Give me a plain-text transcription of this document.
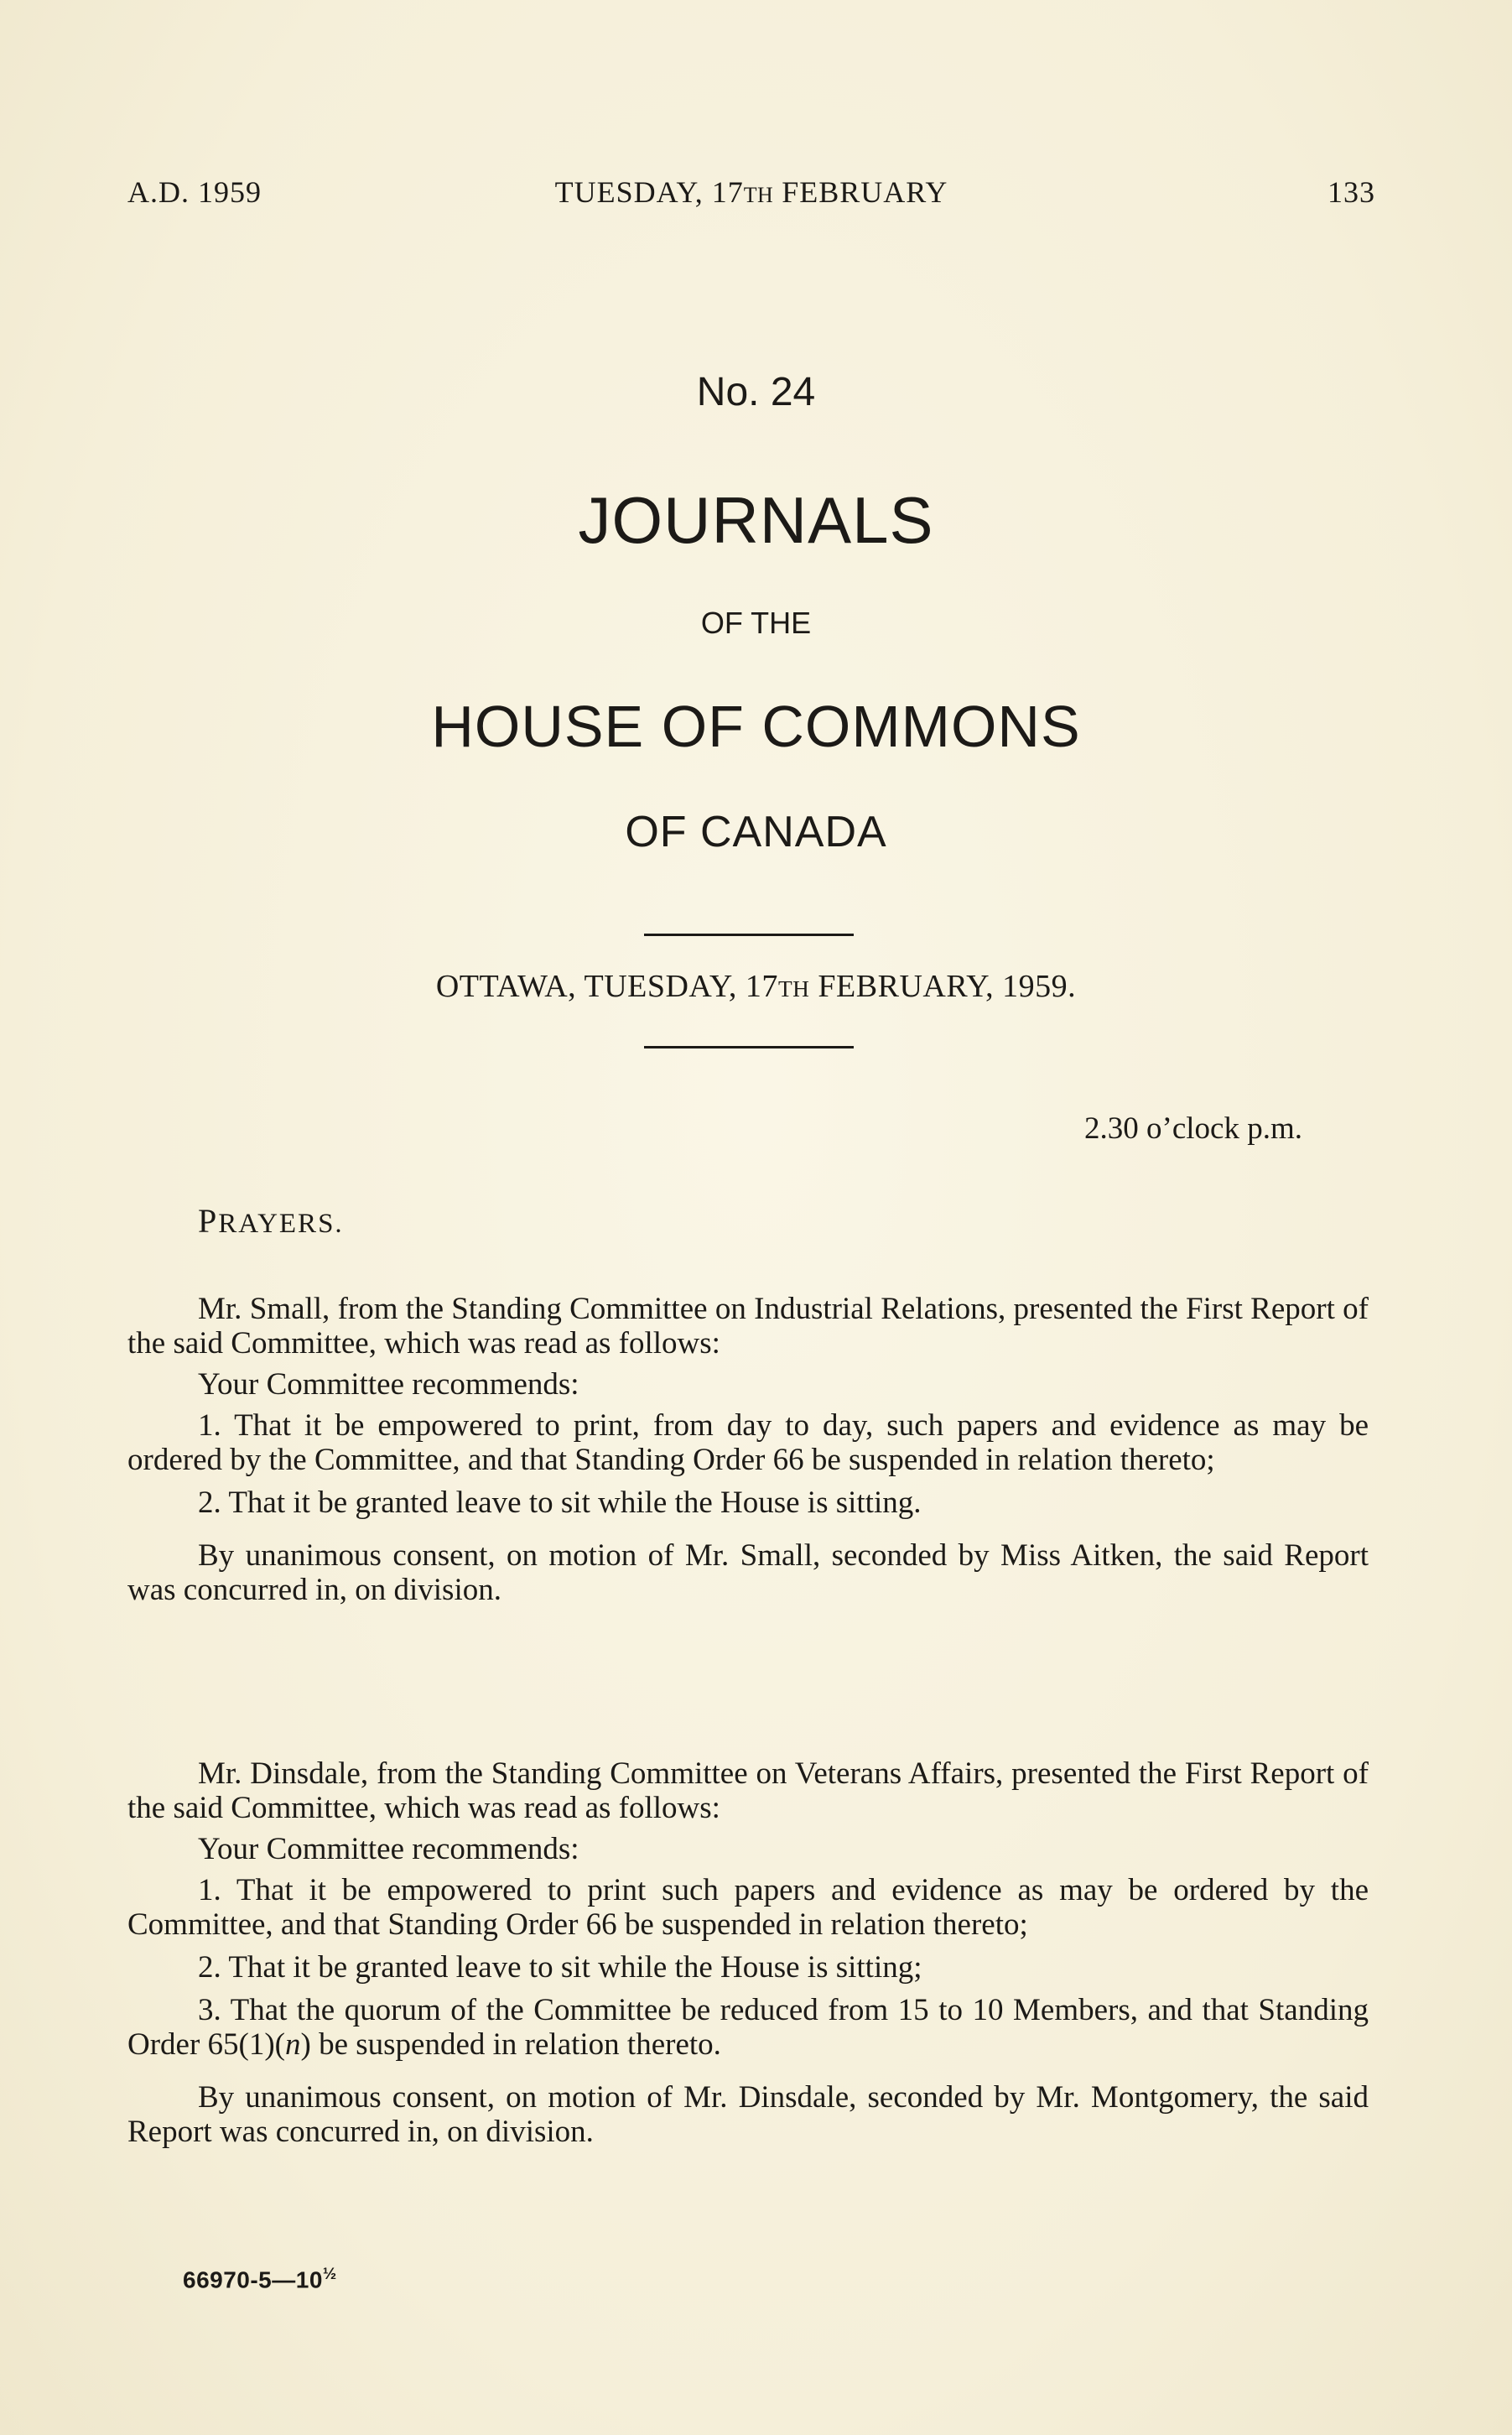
A.D. 1959	TUESDAY, 17TH FEBRUARY	133
No. 24
JOURNALS
OF THE
HOUSE OF COMMONS
OF CANADA
OTTAWA, TUESDAY, 17TH FEBRUARY, 1959.
2.30 o’clock p.m.
PRAYERS.

Mr. Small, from the Standing Committee on Industrial Relations, presented the First Report of the said Committee, which was read as follows:

Your Committee recommends:

1. That it be empowered to print, from day to day, such papers and evidence as may be ordered by the Committee, and that Standing Order 66 be suspended in relation thereto;

2. That it be granted leave to sit while the House is sitting.

By unanimous consent, on motion of Mr. Small, seconded by Miss Aitken, the said Report was concurred in, on division.

Mr. Dinsdale, from the Standing Committee on Veterans Affairs, presented the First Report of the said Committee, which was read as follows:

Your Committee recommends:

1. That it be empowered to print such papers and evidence as may be ordered by the Committee, and that Standing Order 66 be suspended in relation thereto;

2. That it be granted leave to sit while the House is sitting;

3. That the quorum of the Committee be reduced from 15 to 10 Members, and that Standing Order 65(1)(n) be suspended in relation thereto.

By unanimous consent, on motion of Mr. Dinsdale, seconded by Mr. Montgomery, the said Report was concurred in, on division.

$66970-5—10^{\frac{1}{2}}$
